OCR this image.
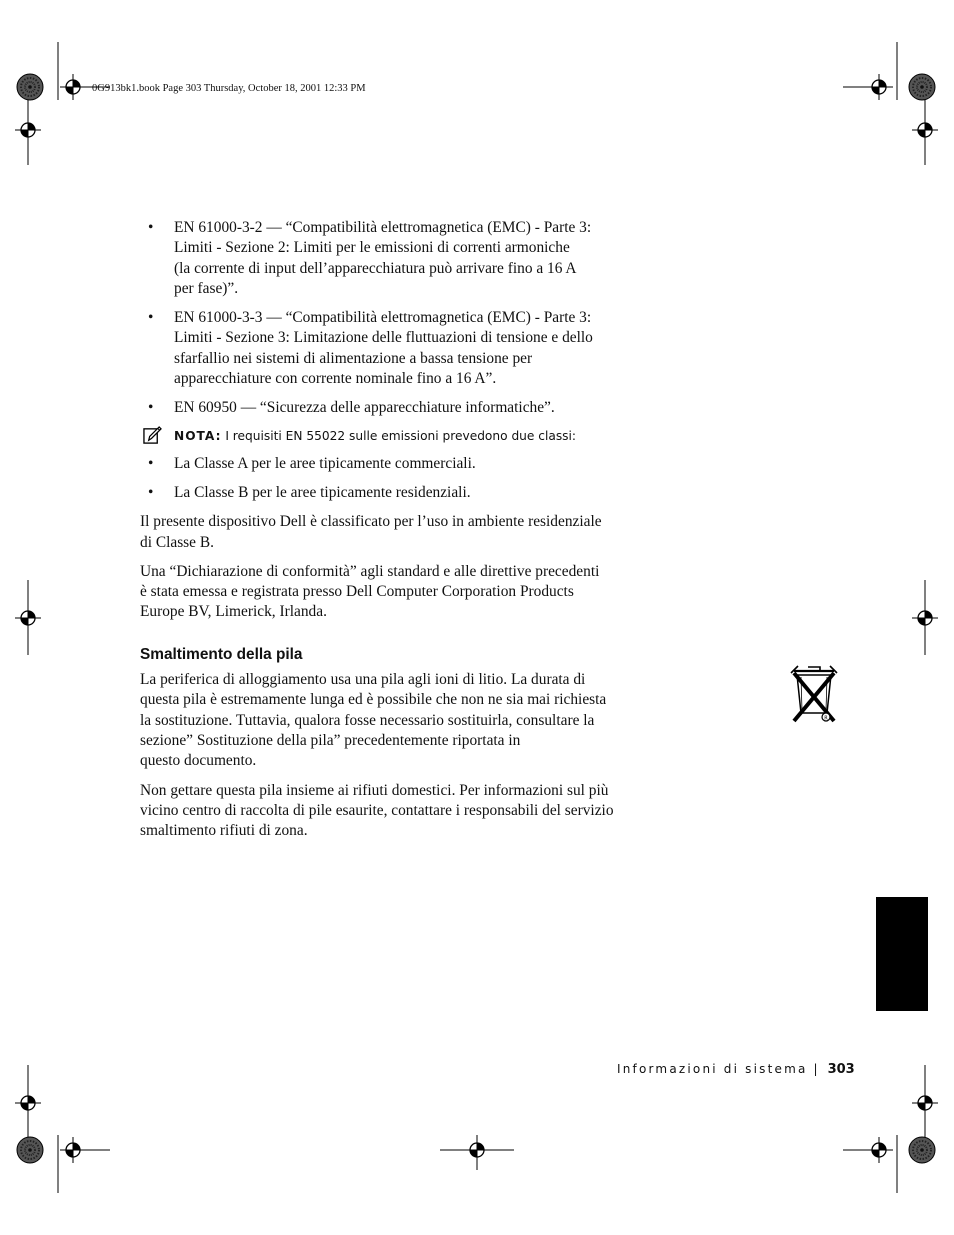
0G913bk1.book Page 303 Thursday, October 18, 2001 12:33 PM
• EN 61000-3-2 — “Compatibilità elettromagnetica (EMC) - Parte 3:
Limiti - Sezione 2: Limiti per le emissioni di correnti armoniche
(la corrente di input dell’apparecchiatura può arrivare fino a 16 A
per fase)”.
• EN 61000-3-3 — “Compatibilità elettromagnetica (EMC) - Parte 3:
Limiti - Sezione 3: Limitazione delle fluttuazioni di tensione e dello
sfarfallio nei sistemi di alimentazione a bassa tensione per
apparecchiature con corrente nominale fino a 16 A”.
• EN 60950 — “Sicurezza delle apparecchiature informatiche”.
NOTA: I requisiti EN 55022 sulle emissioni prevedono due classi:
• La Classe A per le aree tipicamente commerciali.
• La Classe B per le aree tipicamente residenziali.

Il presente dispositivo Dell è classificato per l’uso in ambiente residenziale
di Classe B.

Una “Dichiarazione di conformità” agli standard e alle direttive precedenti
è stata emessa e registrata presso Dell Computer Corporation Products
Europe BV, Limerick, Irlanda.

Smaltimento della pila

La periferica di alloggiamento usa una pila agli ioni di litio. La durata di
questa pila è estremamente lunga ed è possibile che non ne sia mai richiesta
la sostituzione. Tuttavia, qualora fosse necessario sostituirla, consultare la
sezione” Sostituzione della pila” precedentemente riportata in
questo documento.

Non gettare questa pila insieme ai rifiuti domestici. Per informazioni sul più
vicino centro di raccolta di pile esaurite, contattare i responsabili del servizio
smaltimento rifiuti di zona.

R
Informazioni di sistema | 303
